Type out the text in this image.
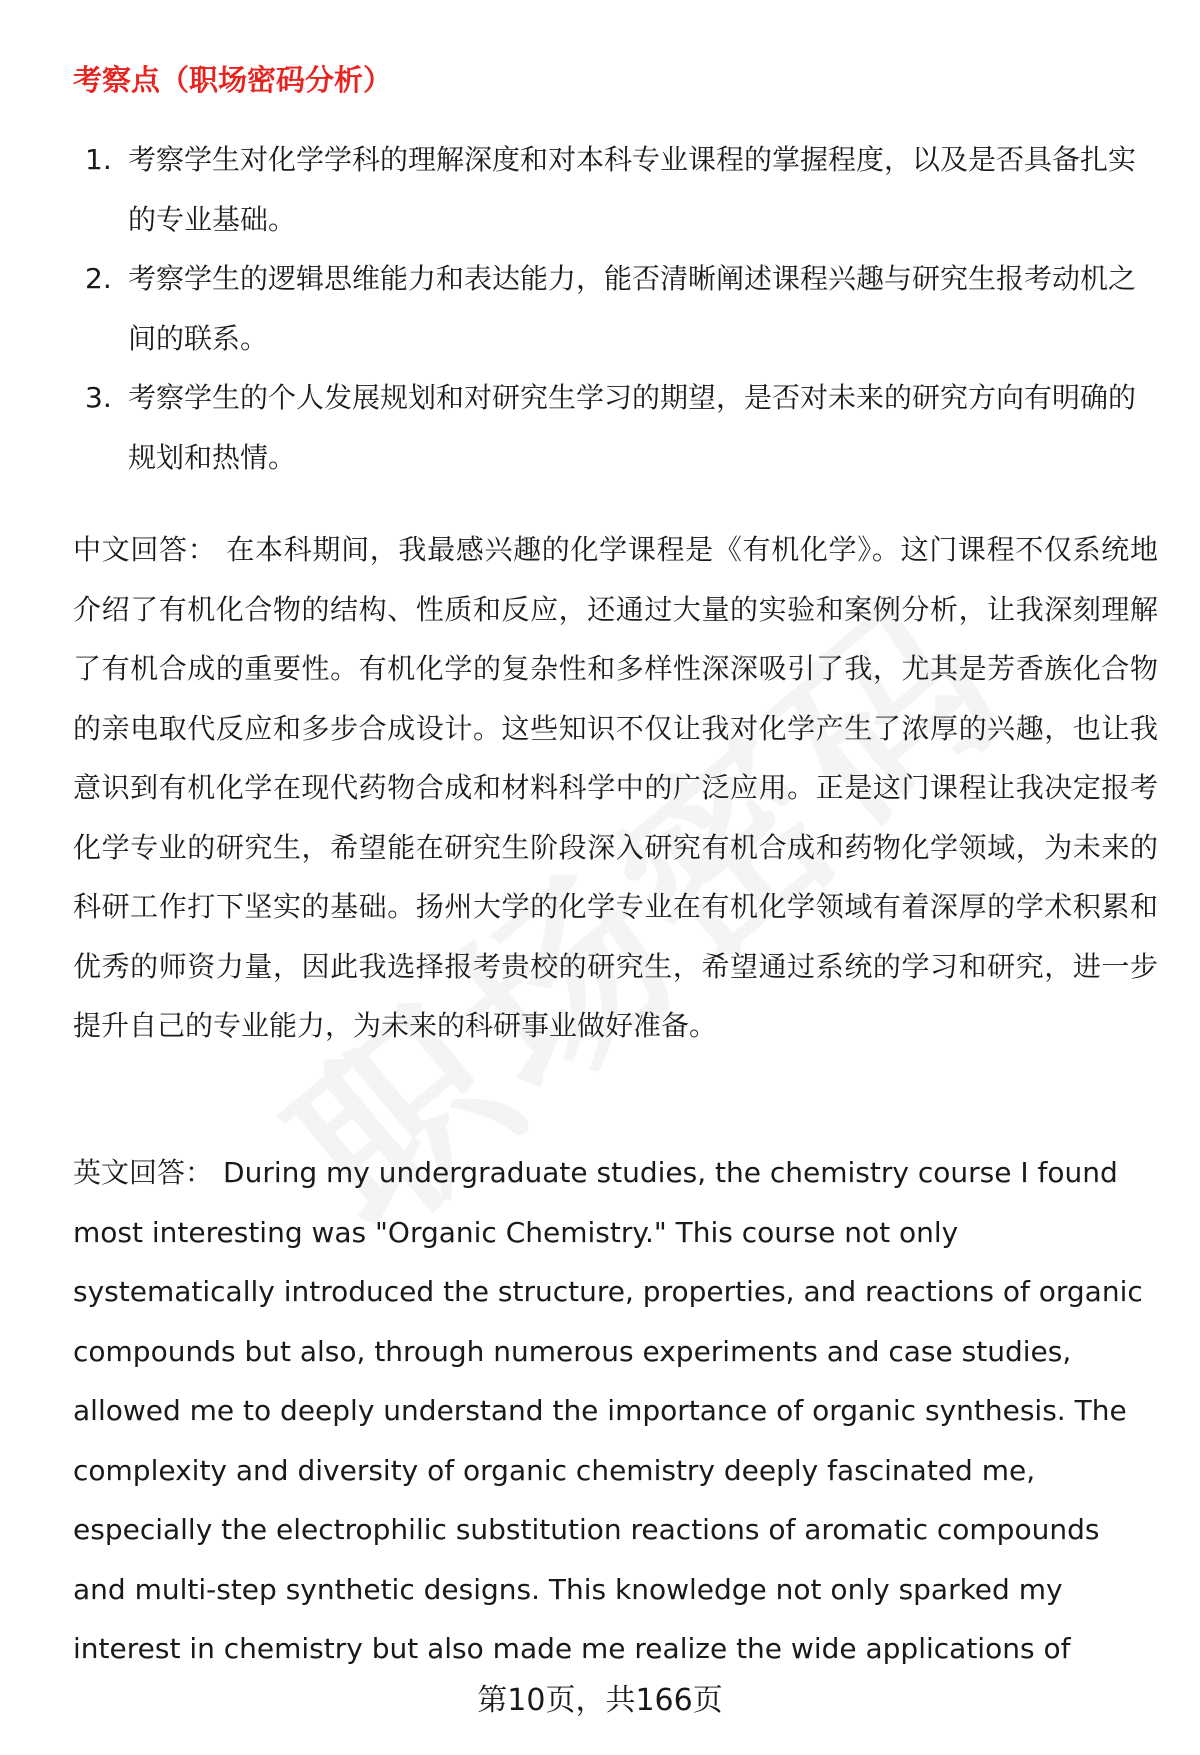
考察点（职场密码分析）
1. 考察学生对化学学科的理解深度和对本科专业课程的掌握程度，以及是否具备扎实的专业基础。
2. 考察学生的逻辑思维能力和表达能力，能否清晰阐述课程兴趣与研究生报考动机之间的联系。
3. 考察学生的个人发展规划和对研究生学习的期望，是否对未来的研究方向有明确的规划和热情。

中文回答： 在本科期间，我最感兴趣的化学课程是《有机化学》。这门课程不仅系统地介绍了有机化合物的结构、性质和反应，还通过大量的实验和案例分析，让我深刻理解了有机合成的重要性。有机化学的复杂性和多样性深深吸引了我，尤其是芳香族化合物的亲电取代反应和多步合成设计。这些知识不仅让我对化学产生了浓厚的兴趣，也让我意识到有机化学在现代药物合成和材料科学中的广泛应用。正是这门课程让我决定报考化学专业的研究生，希望能在研究生阶段深入研究有机合成和药物化学领域，为未来的科研工作打下坚实的基础。扬州大学的化学专业在有机化学领域有着深厚的学术积累和优秀的师资力量，因此我选择报考贵校的研究生，希望通过系统的学习和研究，进一步提升自己的专业能力，为未来的科研事业做好准备。

英文回答： During my undergraduate studies, the chemistry course I found most interesting was "Organic Chemistry." This course not only systematically introduced the structure, properties, and reactions of organic compounds but also, through numerous experiments and case studies, allowed me to deeply understand the importance of organic synthesis. The complexity and diversity of organic chemistry deeply fascinated me, especially the electrophilic substitution reactions of aromatic compounds and multi-step synthetic designs. This knowledge not only sparked my interest in chemistry but also made me realize the wide applications of

第10页，共166页
